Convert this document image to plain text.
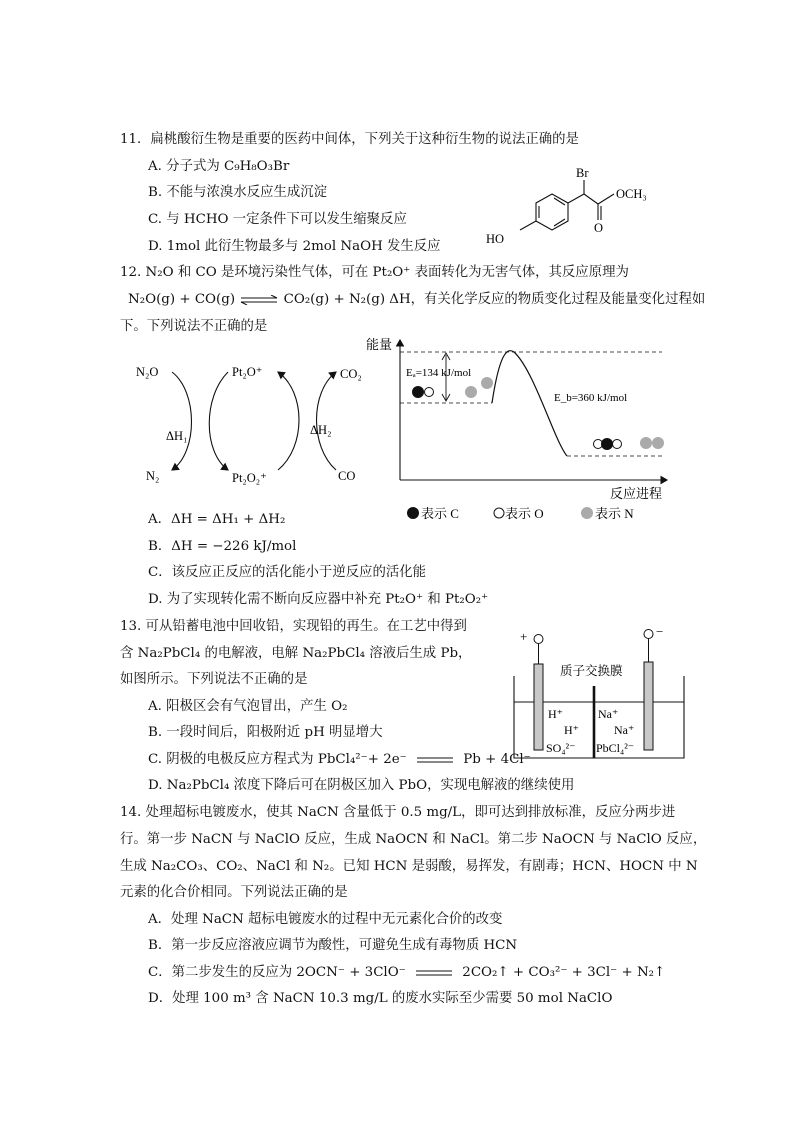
11．扁桃酸衍生物是重要的医药中间体，下列关于这种衍生物的说法正确的是
A. 分子式为 C₉H₈O₃Br
B. 不能与浓溴水反应生成沉淀
C. 与 HCHO 一定条件下可以发生缩聚反应
D. 1mol 此衍生物最多与 2mol NaOH 发生反应
Br
OCH₃
O
HO
12. N₂O 和 CO 是环境污染性气体，可在 Pt₂O⁺ 表面转化为无害气体，其反应原理为
N₂O(g) + CO(g) ⇌ CO₂(g) + N₂(g) ΔH，有关化学反应的物质变化过程及能量变化过程如
下。下列说法不正确的是
N₂O	Pt₂O⁺	CO₂
ΔH₁	ΔH₂
N₂	Pt₂O₂⁺	CO
能量
反应进程
Eₐ=134 kJ/mol
E_b=360 kJ/mol
表示 C	表示 O	表示 N
A．ΔH = ΔH₁ + ΔH₂
B．ΔH = −226 kJ/mol
C．该反应正反应的活化能小于逆反应的活化能
D. 为了实现转化需不断向反应器中补充 Pt₂O⁺ 和 Pt₂O₂⁺
13. 可从铅蓄电池中回收铅，实现铅的再生。在工艺中得到
含 Na₂PbCl₄ 的电解液，电解 Na₂PbCl₄ 溶液后生成 Pb，
如图所示。下列说法不正确的是
A. 阳极区会有气泡冒出，产生 O₂
B. 一段时间后，阳极附近 pH 明显增大
C. 阴极的电极反应方程式为 PbCl₄²⁻+ 2e⁻	Pb + 4Cl⁻
D. Na₂PbCl₄ 浓度下降后可在阴极区加入 PbO，实现电解液的继续使用
+	−
质子交换膜
H⁺
H⁺
SO₄²⁻
Na⁺
Na⁺
PbCl₄²⁻
14. 处理超标电镀废水，使其 NaCN 含量低于 0.5 mg/L，即可达到排放标准，反应分两步进
行。第一步 NaCN 与 NaClO 反应，生成 NaOCN 和 NaCl。第二步 NaOCN 与 NaClO 反应，
生成 Na₂CO₃、CO₂、NaCl 和 N₂。已知 HCN 是弱酸，易挥发，有剧毒；HCN、HOCN 中 N
元素的化合价相同。下列说法正确的是
A．处理 NaCN 超标电镀废水的过程中无元素化合价的改变
B．第一步反应溶液应调节为酸性，可避免生成有毒物质 HCN
C．第二步发生的反应为 2OCN⁻ + 3ClO⁻	2CO₂↑ + CO₃²⁻ + 3Cl⁻ + N₂↑
D．处理 100 m³ 含 NaCN 10.3 mg/L 的废水实际至少需要 50 mol NaClO
